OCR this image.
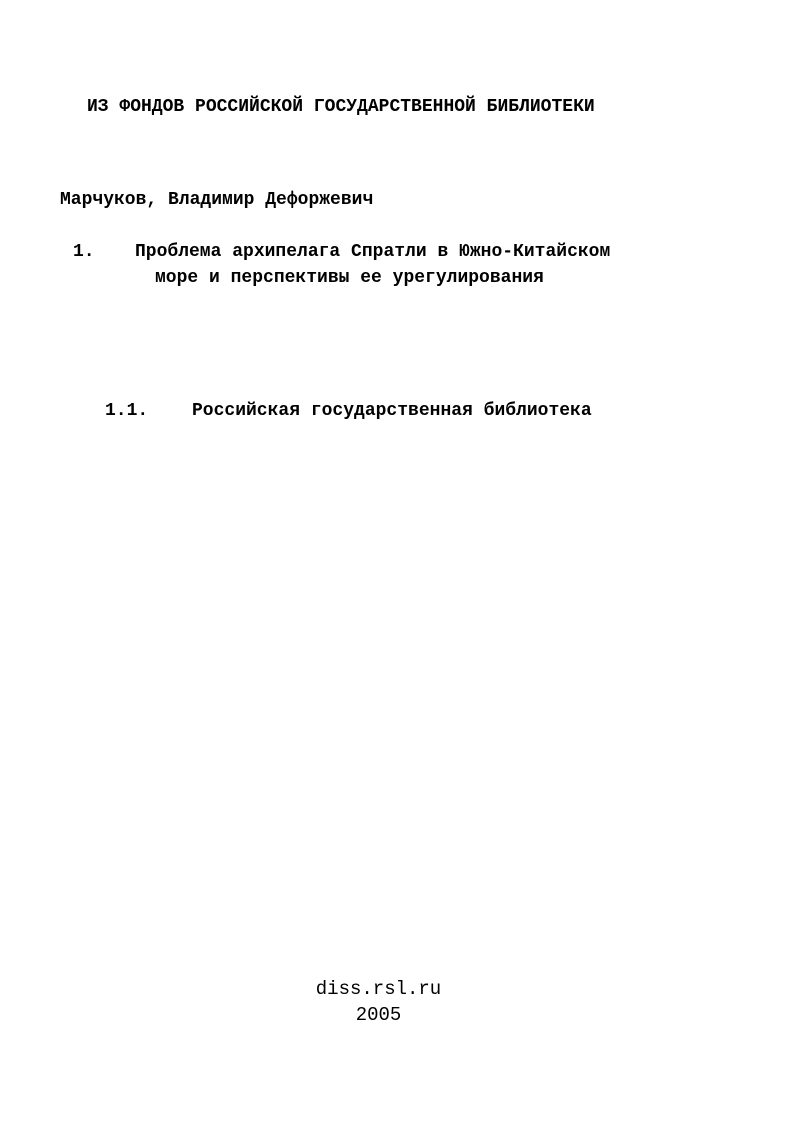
ИЗ ФОНДОВ РОССИЙСКОЙ ГОСУДАРСТВЕННОЙ БИБЛИОТЕКИ
Марчуков, Владимир Дефоржевич
1. Проблема архипелага Спратли в Южно-Китайском
море и перспективы ее урегулирования
1.1. Российская государственная библиотека
diss.rsl.ru
2005
